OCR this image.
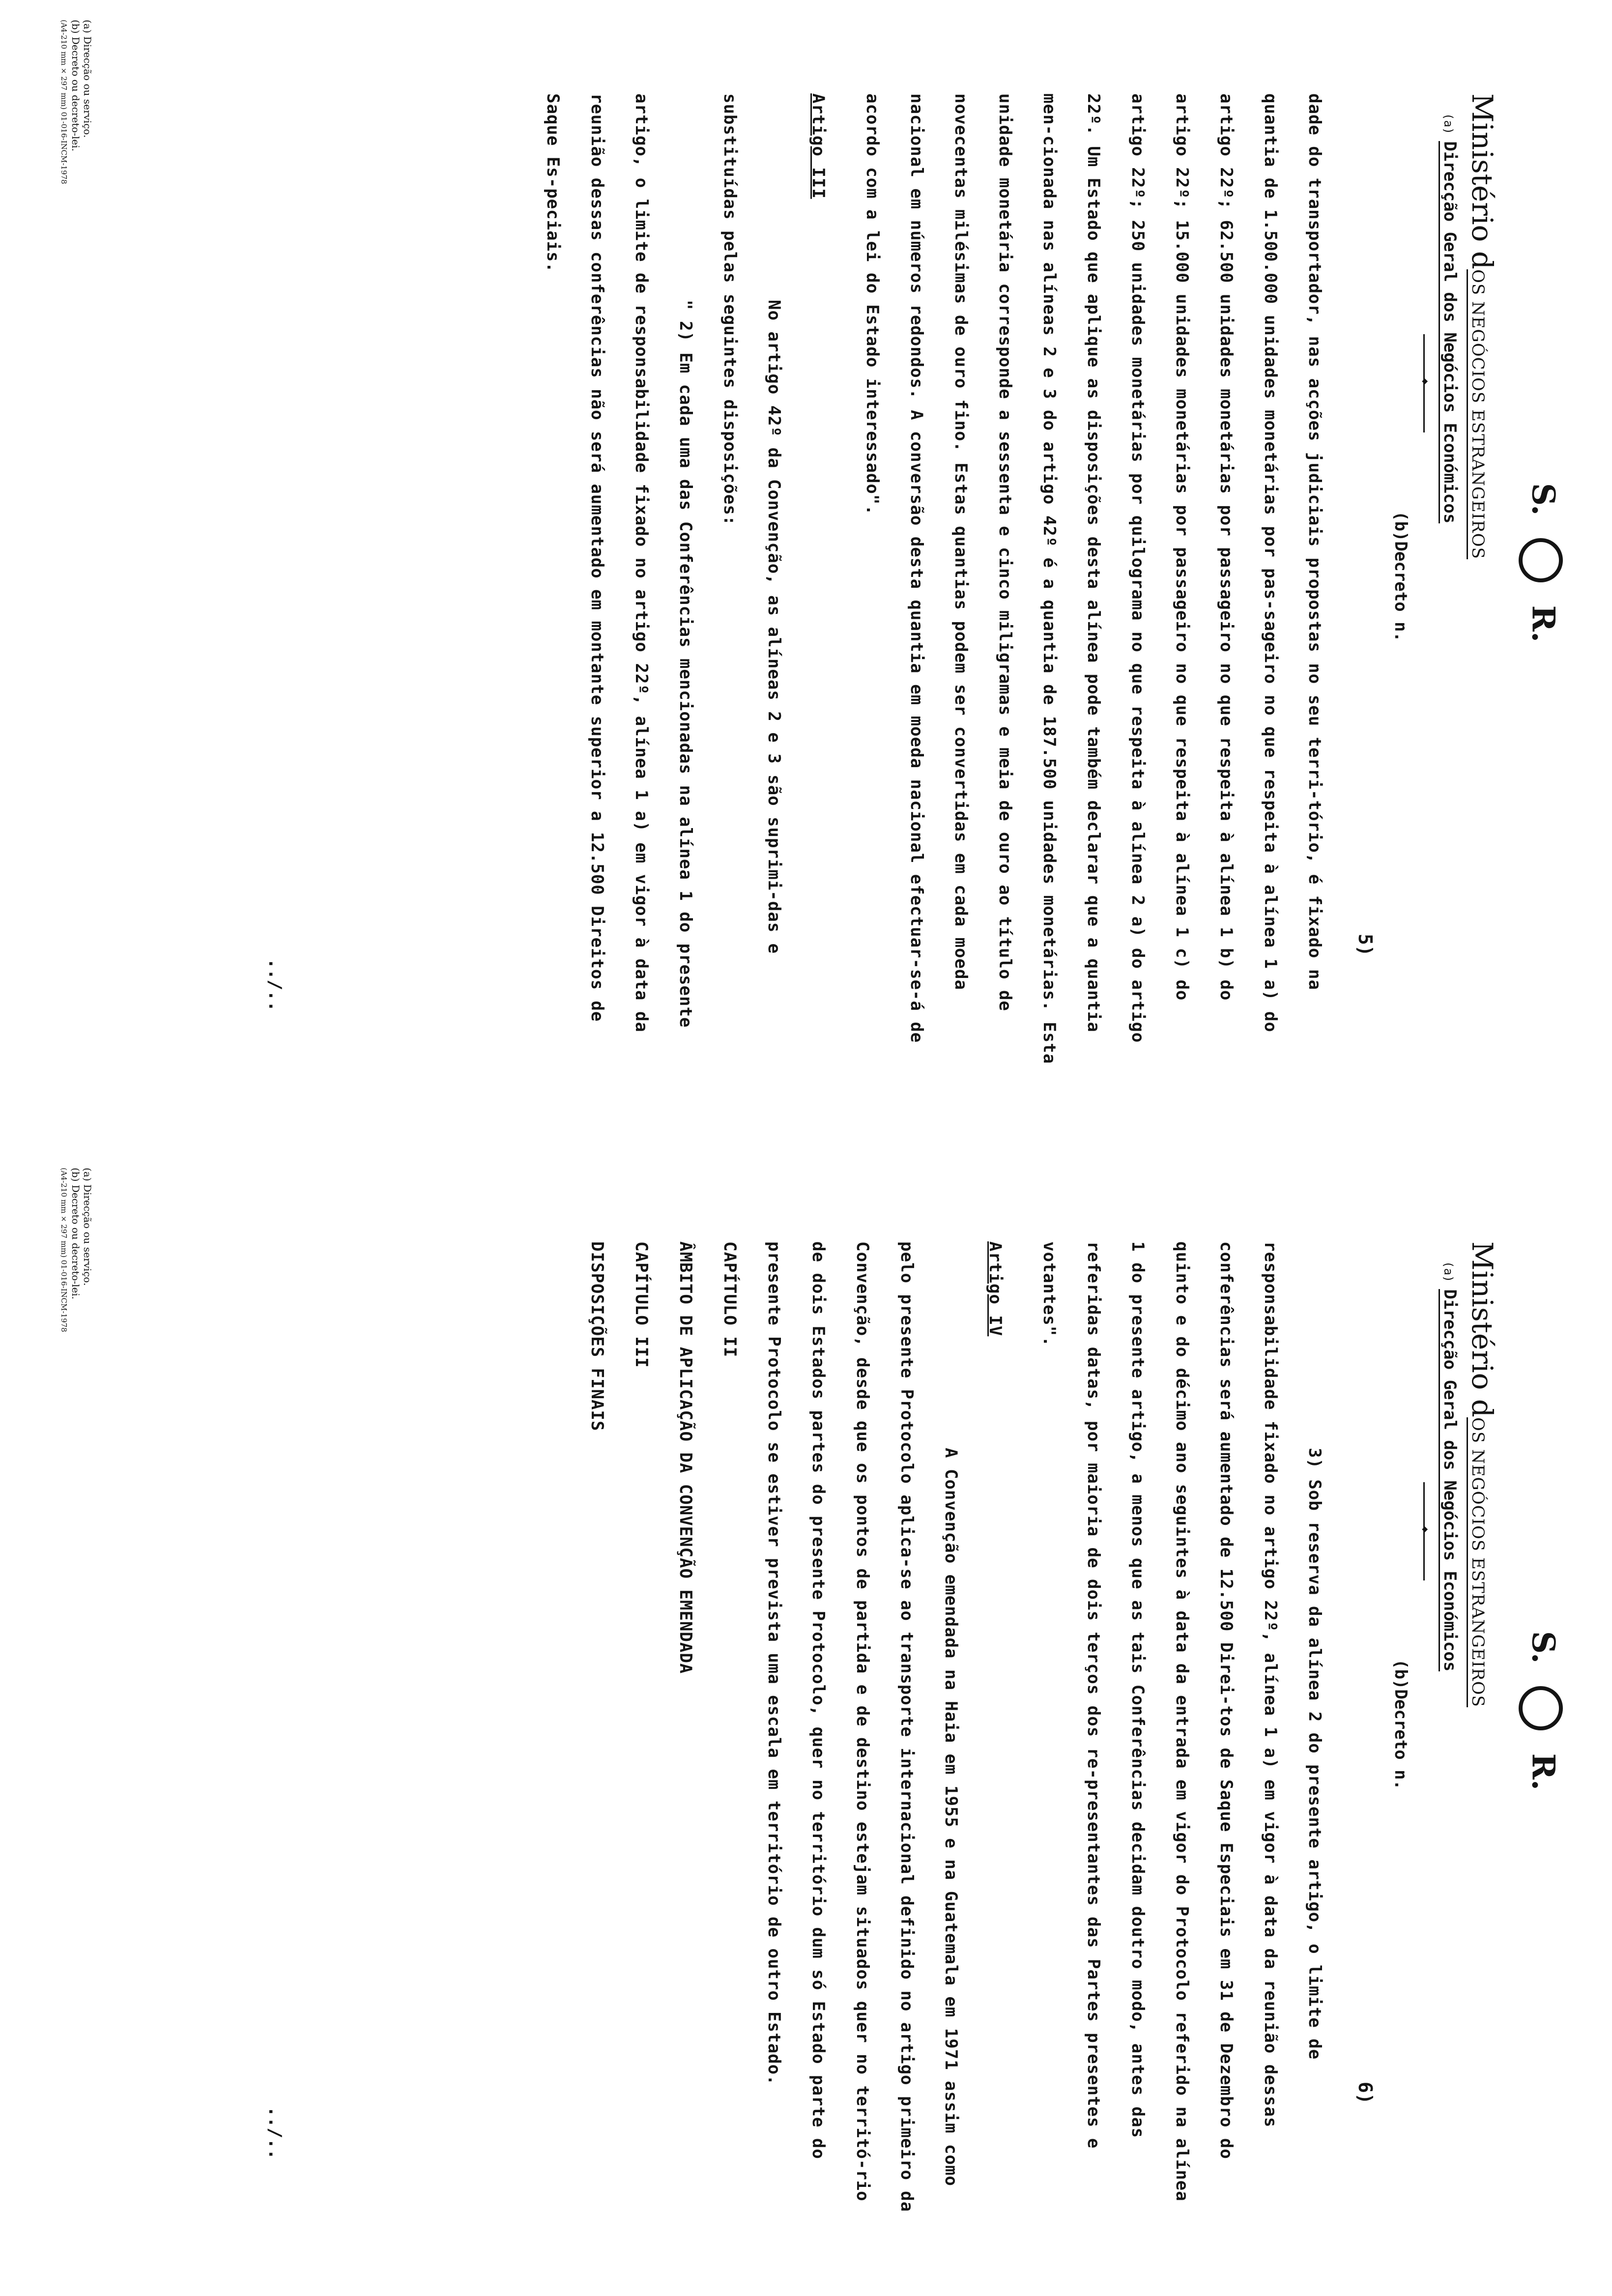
S.  R.
Ministério dOS NEGÓCIOS ESTRANGEIROS
(a)Direcção Geral dos Negócios Económicos
◆
(b)Decreto n.
5)

dade do transportador, nas acções judiciais propostas no seu terri-tório, é fixado na quantia de 1.500.000 unidades monetárias por pas-sageiro no que respeita à alínea 1 a) do artigo 22º; 62.500 unidades monetárias por passageiro no que respeita à alínea 1 b) do artigo 22º; 15.000 unidades monetárias por passageiro no que respeita à alínea 1 c) do artigo 22º; 250 unidades monetárias por quilograma no que respeita à alínea 2 a) do artigo 22º. Um Estado que aplique as disposições desta alínea pode também declarar que a quantia men-cionada nas alíneas 2 e 3 do artigo 42º é a quantia de 187.500 unidades monetárias. Esta unidade monetária corresponde a sessenta e cinco miligramas e meia de ouro ao título de novecentas milésimas de ouro fino. Estas quantias podem ser convertidas em cada moeda nacional em números redondos. A conversão desta quantia em moeda nacional efectuar-se-á de acordo com a lei do Estado interessado".

Artigo III

No artigo 42º da Convenção, as alíneas 2 e 3 são suprimi-das e substituídas pelas seguintes disposições:

" 2) Em cada uma das Conferências mencionadas na alínea 1 do presente artigo, o limite de responsabilidade fixado no artigo 22º, alínea 1 a) em vigor à data da reunião dessas conferências não será aumentado em montante superior a 12.500 Direitos de Saque Es-peciais.

../..
(a) Direcção ou serviço.
(b) Decreto ou decreto-lei.
(A4-210 mm × 297 mm) 01-016-INCM-1978
S.  R.
Ministério dOS NEGÓCIOS ESTRANGEIROS
(a)Direcção Geral dos Negócios Económicos
◆
(b)Decreto n.
6)

3) Sob reserva da alínea 2 do presente artigo, o limite de responsabilidade fixado no artigo 22º, alínea 1 a) em vigor à data da reunião dessas conferências será aumentado de 12.500 Direi-tos de Saque Especiais em 31 de Dezembro do quinto e do décimo ano seguintes à data da entrada em vigor do Protocolo referido na alínea 1 do presente artigo, a menos que as tais Conferências decidam doutro modo, antes das referidas datas, por maioria de dois terços dos re-presentantes das Partes presentes e votantes".

Artigo IV

A Convenção emendada na Haia em 1955 e na Guatemala em 1971 assim como pelo presente Protocolo aplica-se ao transporte internacional definido no artigo primeiro da Convenção, desde que os pontos de partida e de destino estejam situados quer no territó-rio de dois Estados partes do presente Protocolo, quer no território dum só Estado parte do presente Protocolo se estiver prevista uma escala em território de outro Estado.

CAPÍTULO II

ÂMBITO DE APLICAÇÃO DA CONVENÇÃO EMENDADA

CAPÍTULO III

DISPOSIÇÕES FINAIS

../..
(a) Direcção ou serviço.
(b) Decreto ou decreto-lei.
(A4-210 mm × 297 mm) 01-016-INCM-1978
